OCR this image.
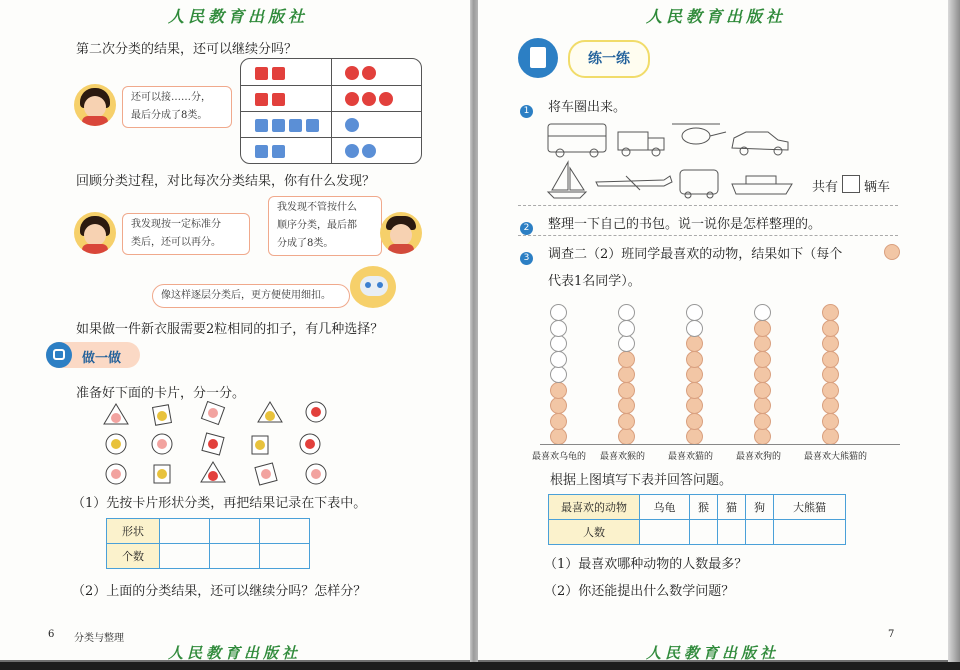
人民教育出版社
第二次分类的结果，还可以继续分吗？
还可以接……分，
最后分成了8类。
回顾分类过程，对比每次分类结果，你有什么发现？
我发现按一定标准分
类后，还可以再分。
我发现不管按什么
顺序分类，最后都
分成了8类。
像这样逐层分类后，更方便使用细扣。
如果做一件新衣服需要2粒相同的扣子，有几种选择？
做一做
准备好下面的卡片，分一分。
（1）先按卡片形状分类，再把结果记录在下表中。
形状			
个数			
（2）上面的分类结果，还可以继续分吗？怎样分？
6 分类与整理
人民教育出版社
人民教育出版社
练一练
1 将车圈出来。
共有 辆车
2 整理一下自己的书包。说一说你是怎样整理的。
3 调查二（2）班同学最喜欢的动物，结果如下（每个
代表1名同学）。
最喜欢乌龟的 最喜欢猴的	最喜欢猫的	最喜欢狗的	最喜欢大熊猫的
根据上图填写下表并回答问题。
最喜欢的动物	乌龟	猴	猫	狗	大熊猫
人数					
（1）最喜欢哪种动物的人数最多？
（2）你还能提出什么数学问题？
7
人民教育出版社
